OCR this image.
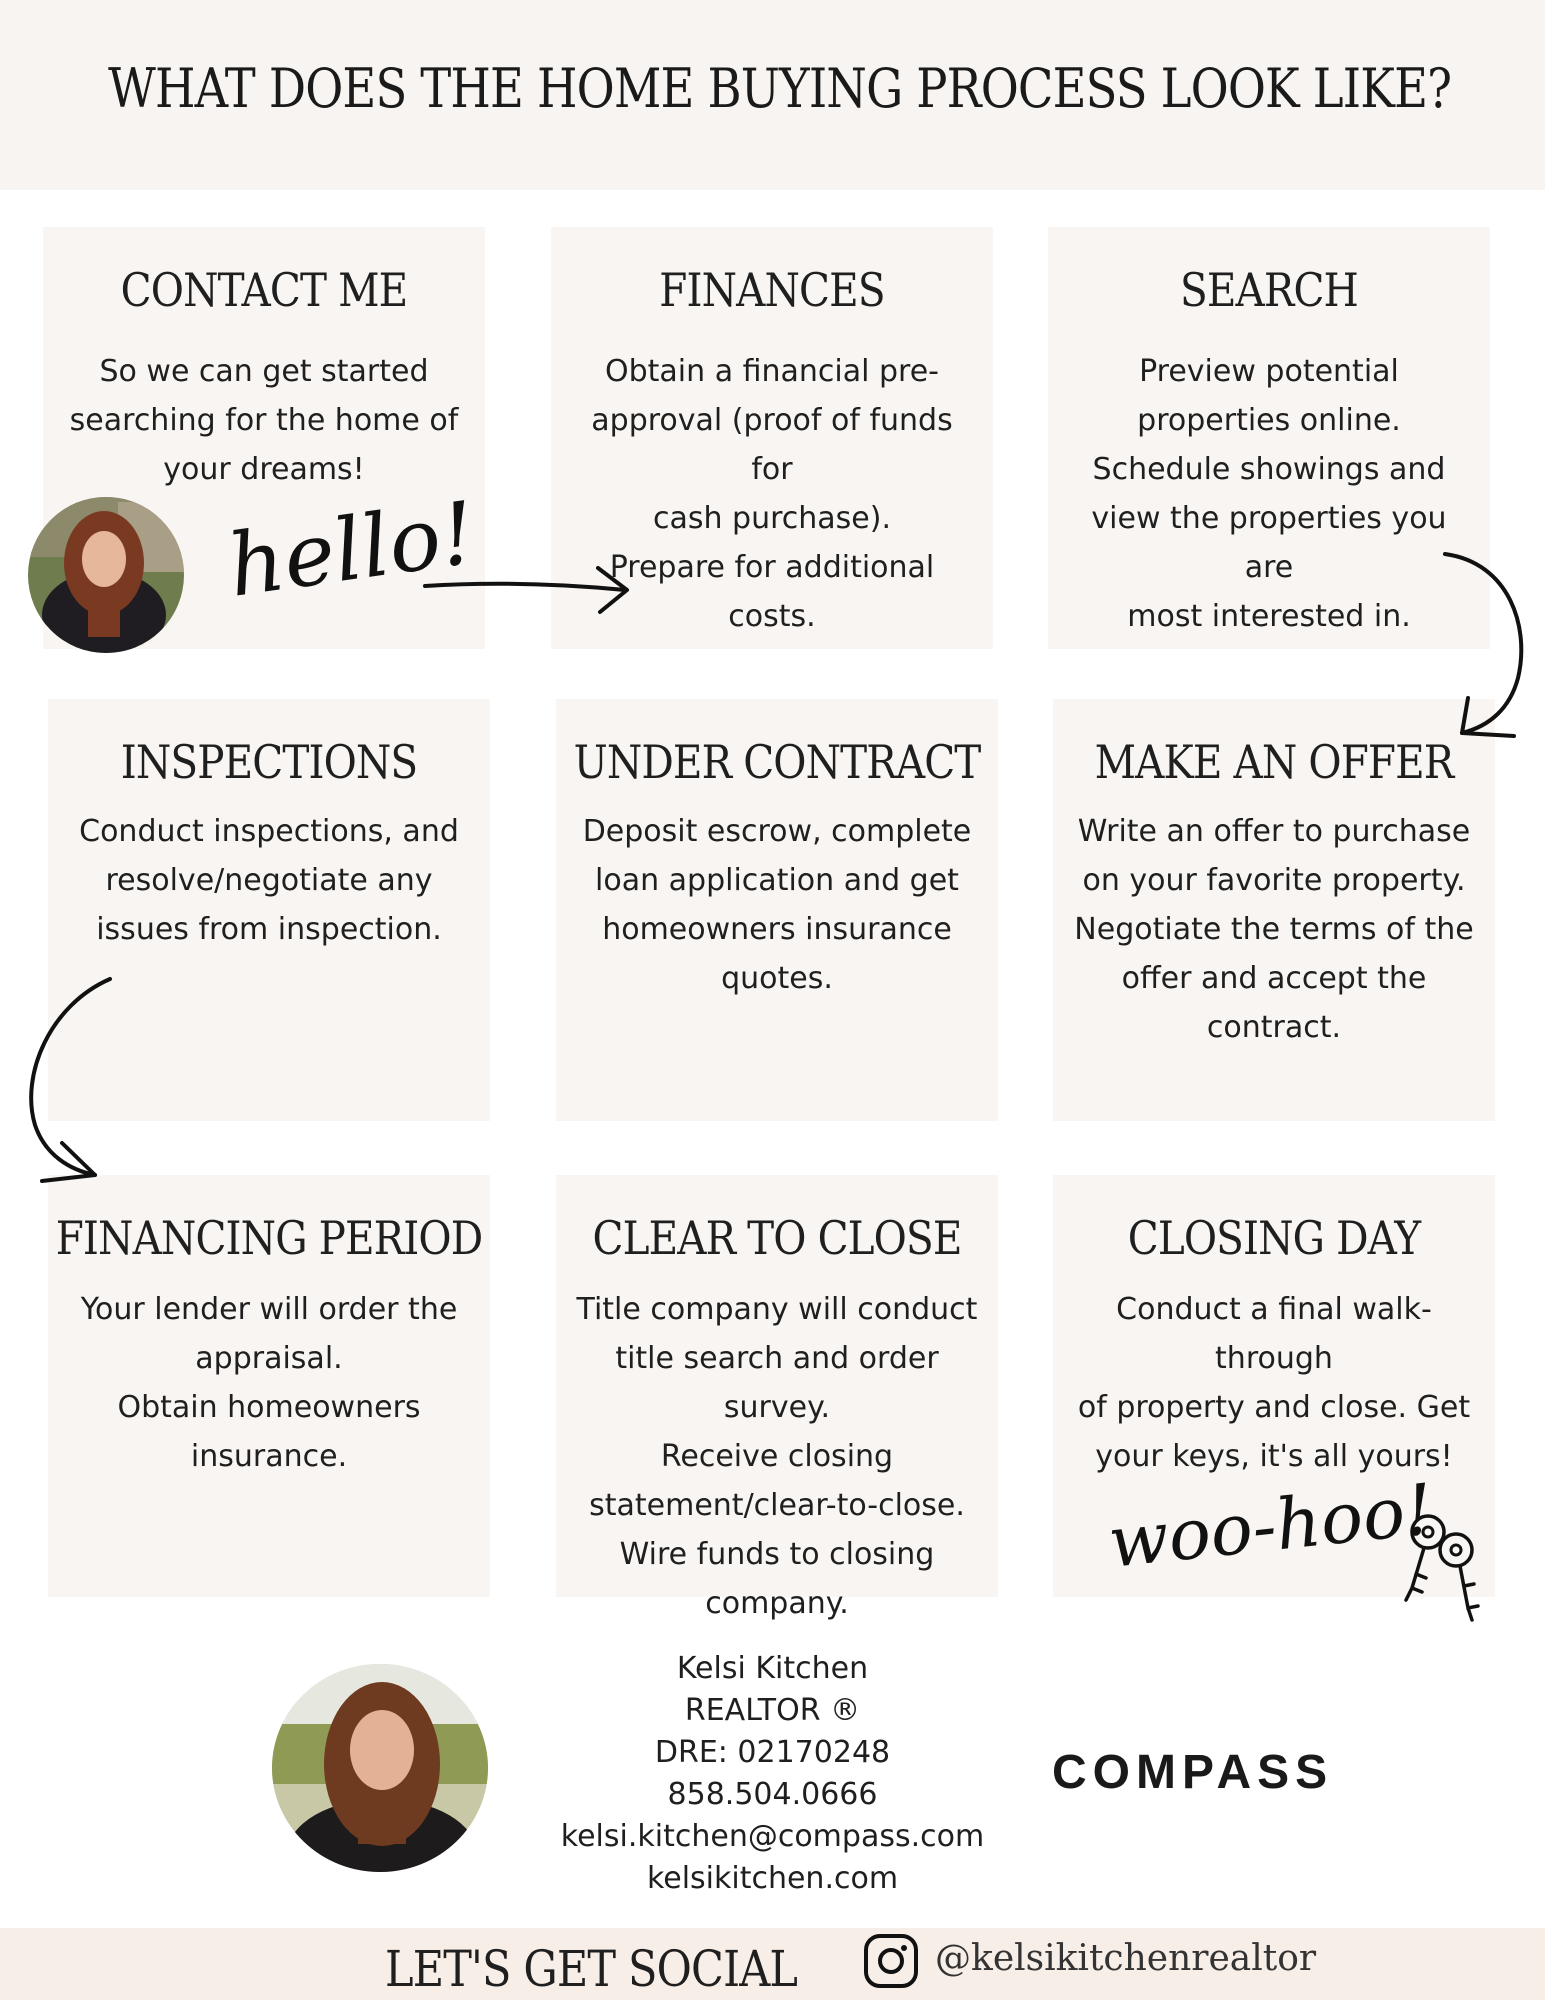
WHAT DOES THE HOME BUYING PROCESS LOOK LIKE?
CONTACT ME
So we can get started
searching for the home of
your dreams!
FINANCES
Obtain a financial pre-
approval (proof of funds for
cash purchase).
Prepare for additional
costs.
SEARCH
Preview potential
properties online.
Schedule showings and
view the properties you are
most interested in.
INSPECTIONS
Conduct inspections, and
resolve/negotiate any
issues from inspection.
UNDER CONTRACT
Deposit escrow, complete
loan application and get
homeowners insurance
quotes.
MAKE AN OFFER
Write an offer to purchase
on your favorite property.
Negotiate the terms of the
offer and accept the
contract.
FINANCING PERIOD
Your lender will order the
appraisal.
Obtain homeowners
insurance.
CLEAR TO CLOSE
Title company will conduct
title search and order survey.
Receive closing
statement/clear-to-close.
Wire funds to closing
company.
CLOSING DAY
Conduct a final walk-through
of property and close. Get
your keys, it's all yours!
hello!
woo-hoo!
Kelsi Kitchen
REALTOR ®
DRE: 02170248
858.504.0666
kelsi.kitchen@compass.com
kelsikitchen.com
COMPASS
LET'S GET SOCIAL	@kelsikitchenrealtor
